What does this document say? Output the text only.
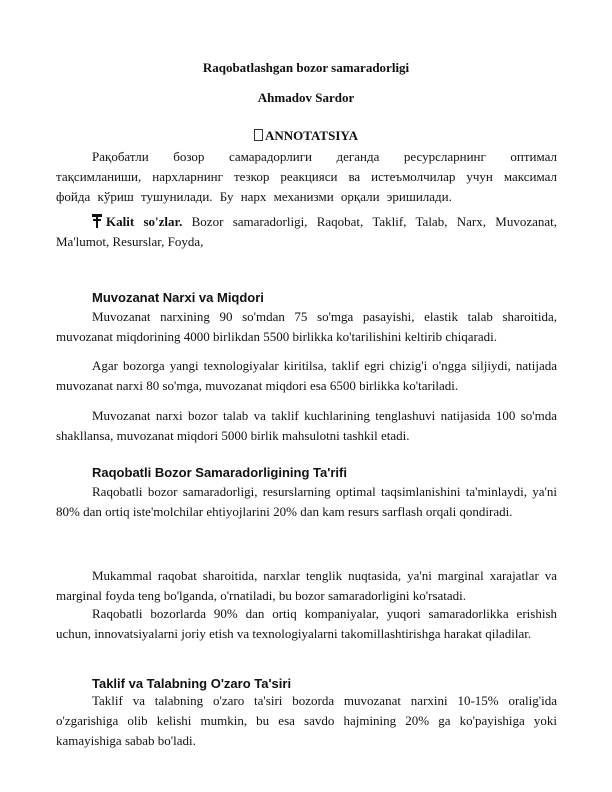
Raqobatlashgan bozor samaradorligi
Ahmadov Sardor
ANNOTATSIYA
Рақобатли бозор самарадорлиги деганда ресурсларнинг оптимал тақсимланиши, нархларнинг тезкор реакцияси ва истеъмолчилар учун максимал фойда кўриш тушунилади. Бу нарх механизми орқали эришилади.
Kalit so'zlar. Bozor samaradorligi, Raqobat, Taklif, Talab, Narx, Muvozanat, Ma'lumot, Resurslar, Foyda,
Muvozanat Narxi va Miqdori
Muvozanat narxining 90 so'mdan 75 so'mga pasayishi, elastik talab sharoitida, muvozanat miqdorining 4000 birlikdan 5500 birlikka ko'tarilishini keltirib chiqaradi.
Agar bozorga yangi texnologiyalar kiritilsa, taklif egri chizig'i o'ngga siljiydi, natijada muvozanat narxi 80 so'mga, muvozanat miqdori esa 6500 birlikka ko'tariladi.
Muvozanat narxi bozor talab va taklif kuchlarining tenglashuvi natijasida 100 so'mda shakllansa, muvozanat miqdori 5000 birlik mahsulotni tashkil etadi.
Raqobatli Bozor Samaradorligining Ta'rifi
Raqobatli bozor samaradorligi, resurslarning optimal taqsimlanishini ta'minlaydi, ya'ni 80% dan ortiq iste'molchilar ehtiyojlarini 20% dan kam resurs sarflash orqali qondiradi.
Mukammal raqobat sharoitida, narxlar tenglik nuqtasida, ya'ni marginal xarajatlar va marginal foyda teng bo'lganda, o'rnatiladi, bu bozor samaradorligini ko'rsatadi.
Raqobatli bozorlarda 90% dan ortiq kompaniyalar, yuqori samaradorlikka erishish uchun, innovatsiyalarni joriy etish va texnologiyalarni takomillashtirishga harakat qiladilar.
Taklif va Talabning O'zaro Ta'siri
Taklif va talabning o'zaro ta'siri bozorda muvozanat narxini 10-15% oralig'ida o'zgarishiga olib kelishi mumkin, bu esa savdo hajmining 20% ga ko'payishiga yoki kamayishiga sabab bo'ladi.
